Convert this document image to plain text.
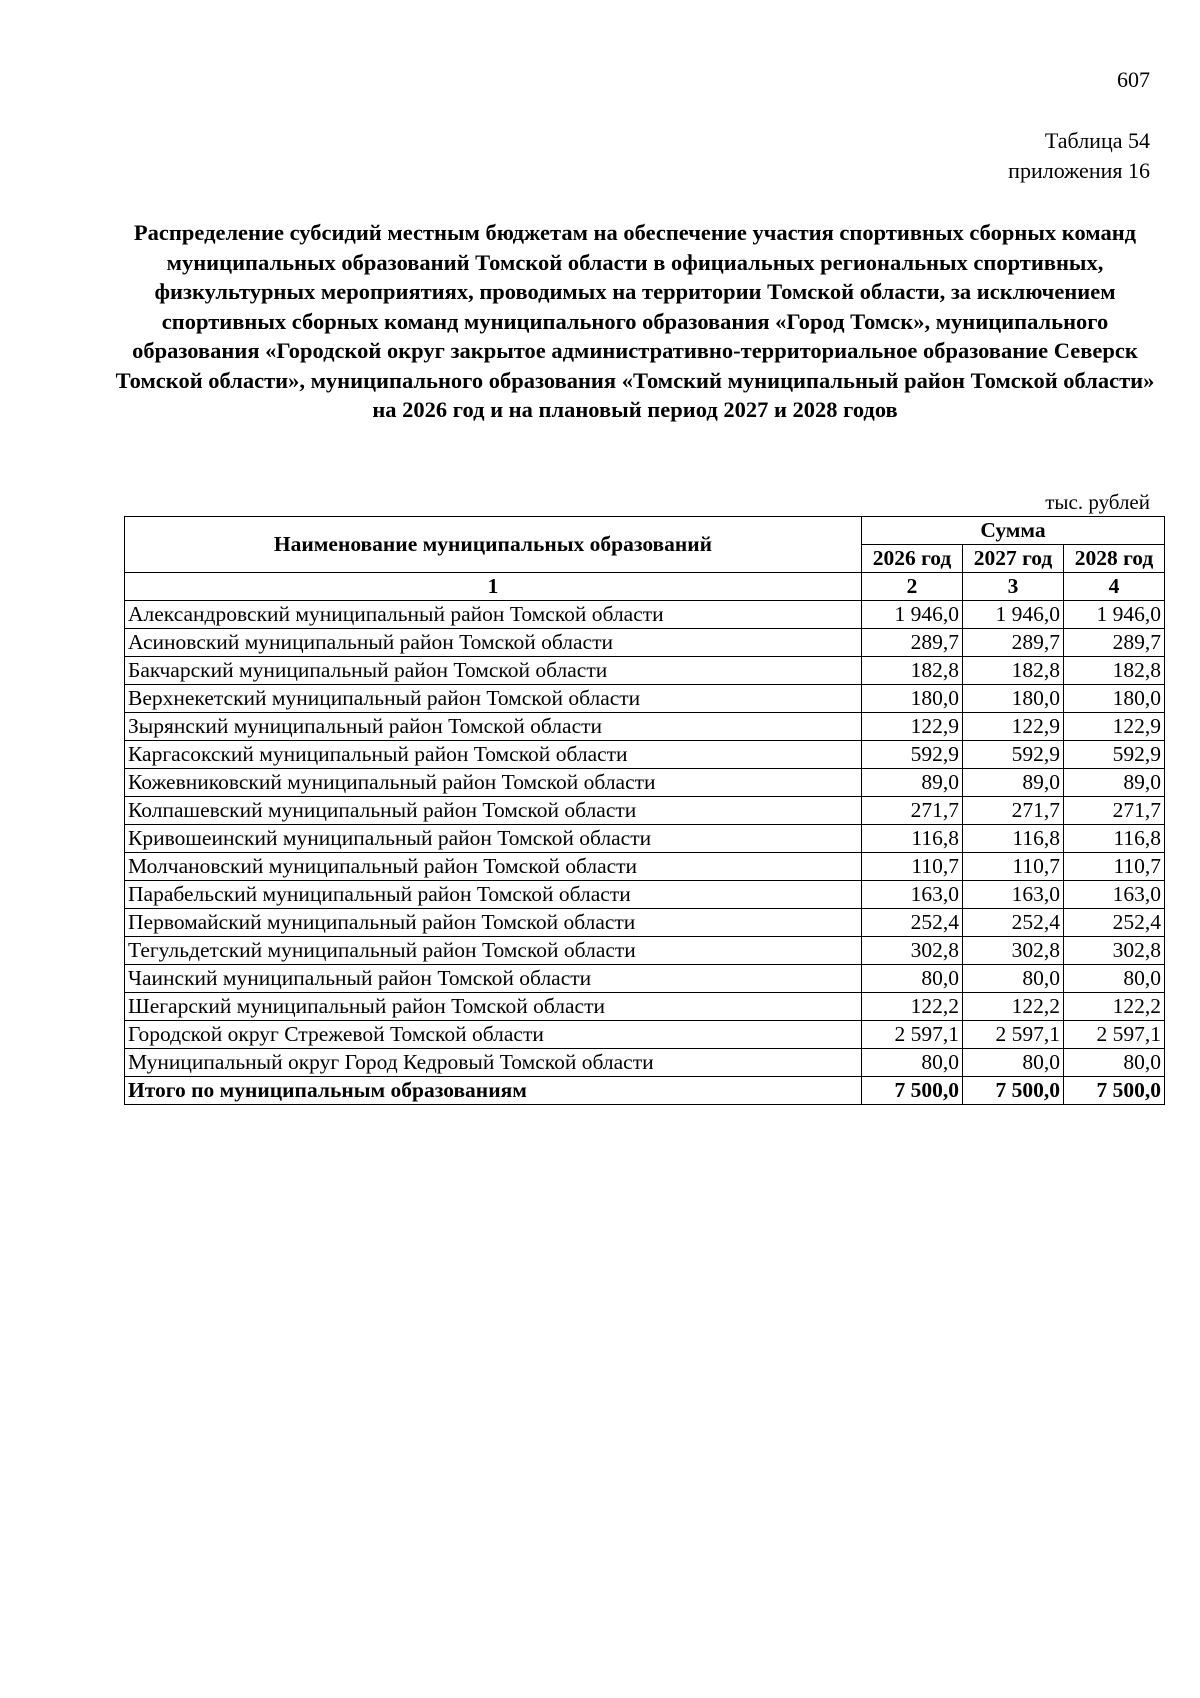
607
Таблица 54
приложения 16
Распределение субсидий местным бюджетам на обеспечение участия спортивных сборных команд муниципальных образований Томской области в официальных региональных спортивных, физкультурных мероприятиях, проводимых на территории Томской области, за исключением спортивных сборных команд муниципального образования «Город Томск», муниципального образования «Городской округ закрытое административно-территориальное образование Северск Томской области», муниципального образования «Томский муниципальный район Томской области» на 2026 год и на плановый период 2027 и 2028 годов
тыс. рублей
Наименование муниципальных образований	Сумма		
	2026 год	2027 год	2028 год
1	2	3	4
Александровский муниципальный район Томской области	1 946,0	1 946,0	1 946,0
Асиновский муниципальный район Томской области	289,7	289,7	289,7
Бакчарский муниципальный район Томской области	182,8	182,8	182,8
Верхнекетский муниципальный район Томской области	180,0	180,0	180,0
Зырянский муниципальный район Томской области	122,9	122,9	122,9
Каргасокский муниципальный район Томской области	592,9	592,9	592,9
Кожевниковский муниципальный район Томской области	89,0	89,0	89,0
Колпашевский муниципальный район Томской области	271,7	271,7	271,7
Кривошеинский муниципальный район Томской области	116,8	116,8	116,8
Молчановский муниципальный район Томской области	110,7	110,7	110,7
Парабельский муниципальный район Томской области	163,0	163,0	163,0
Первомайский муниципальный район Томской области	252,4	252,4	252,4
Тегульдетский муниципальный район Томской области	302,8	302,8	302,8
Чаинский муниципальный район Томской области	80,0	80,0	80,0
Шегарский муниципальный район Томской области	122,2	122,2	122,2
Городской округ Стрежевой Томской области	2 597,1	2 597,1	2 597,1
Муниципальный округ Город Кедровый Томской области	80,0	80,0	80,0
Итого по муниципальным образованиям	7 500,0	7 500,0	7 500,0
